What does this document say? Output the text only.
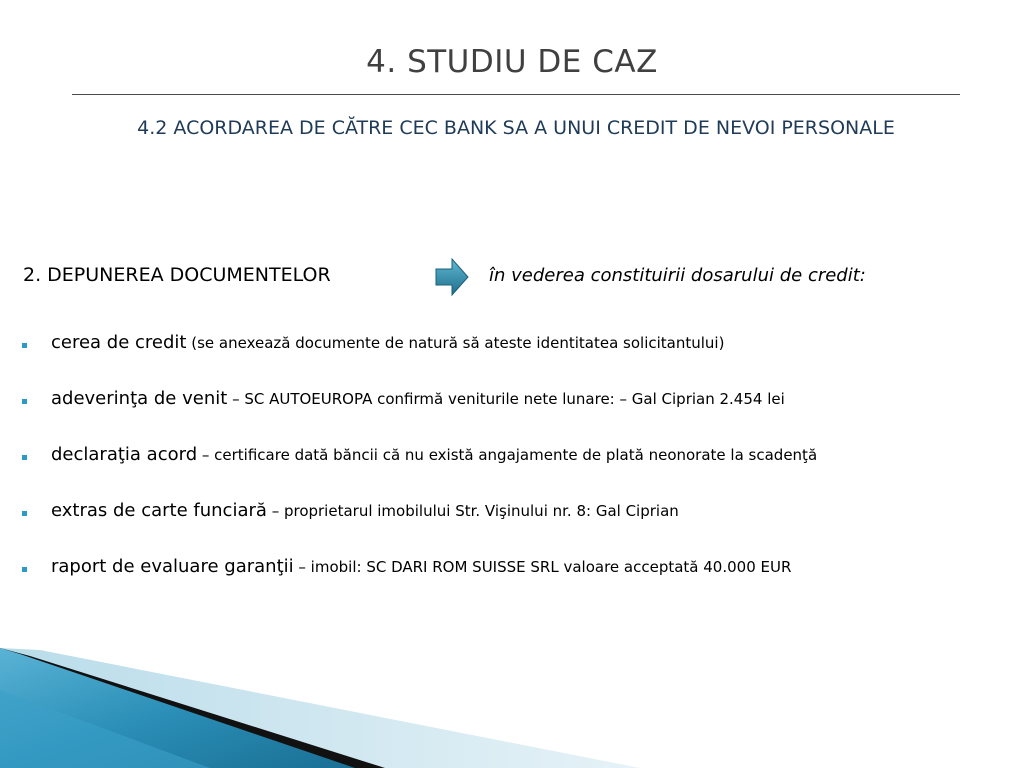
4. STUDIU DE CAZ
4.2 ACORDAREA DE CĂTRE CEC BANK SA A UNUI CREDIT DE NEVOI PERSONALE
2. DEPUNEREA DOCUMENTELOR	în vederea constituirii dosarului de credit:
cerea de credit (se anexează documente de natură să ateste identitatea solicitantului)
adeverinţa de venit – SC AUTOEUROPA confirmă veniturile nete lunare: – Gal Ciprian 2.454 lei
declaraţia acord – certificare dată băncii că nu există angajamente de plată neonorate la scadenţă
extras de carte funciară – proprietarul imobilului Str. Vişinului nr. 8: Gal Ciprian
raport de evaluare garanţii – imobil: SC DARI ROM SUISSE SRL valoare acceptată 40.000 EUR
